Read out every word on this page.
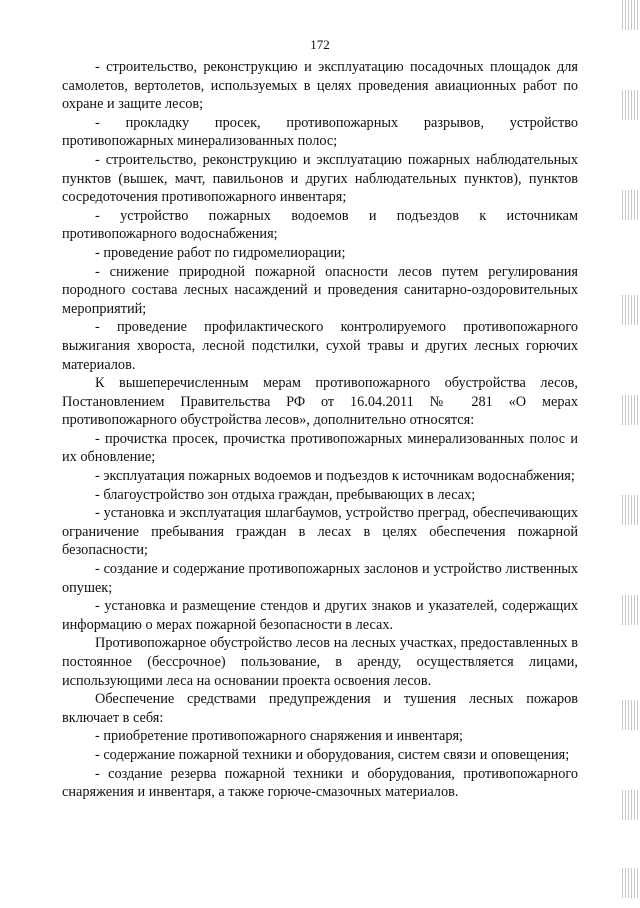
172

- строительство, реконструкцию и эксплуатацию посадочных площадок для самолетов, вертолетов, используемых в целях проведения авиационных работ по охране и защите лесов;

- прокладку просек, противопожарных разрывов, устройство противопожарных минерализованных полос;

- строительство, реконструкцию и эксплуатацию пожарных наблюдательных пунктов (вышек, мачт, павильонов и других наблюдательных пунктов), пунктов сосредоточения противопожарного инвентаря;

- устройство пожарных водоемов и подъездов к источникам противопожарного водоснабжения;

- проведение работ по гидромелиорации;

- снижение природной пожарной опасности лесов путем регулирования породного состава лесных насаждений и проведения санитарно-оздоровительных мероприятий;

- проведение профилактического контролируемого противопожарного выжигания хвороста, лесной подстилки, сухой травы и других лесных горючих материалов.

К вышеперечисленным мерам противопожарного обустройства лесов, Постановлением Правительства РФ от 16.04.2011 № 281 «О мерах противопожарного обустройства лесов», дополнительно относятся:

- прочистка просек, прочистка противопожарных минерализованных полос и их обновление;

- эксплуатация пожарных водоемов и подъездов к источникам водоснабжения;

- благоустройство зон отдыха граждан, пребывающих в лесах;

- установка и эксплуатация шлагбаумов, устройство преград, обеспечивающих ограничение пребывания граждан в лесах в целях обеспечения пожарной безопасности;

- создание и содержание противопожарных заслонов и устройство лиственных опушек;

- установка и размещение стендов и других знаков и указателей, содержащих информацию о мерах пожарной безопасности в лесах.

Противопожарное обустройство лесов на лесных участках, предоставленных в постоянное (бессрочное) пользование, в аренду, осуществляется лицами, использующими леса на основании проекта освоения лесов.

Обеспечение средствами предупреждения и тушения лесных пожаров включает в себя:

- приобретение противопожарного снаряжения и инвентаря;

- содержание пожарной техники и оборудования, систем связи и оповещения;

- создание резерва пожарной техники и оборудования, противопожарного снаряжения и инвентаря, а также горюче-смазочных материалов.
